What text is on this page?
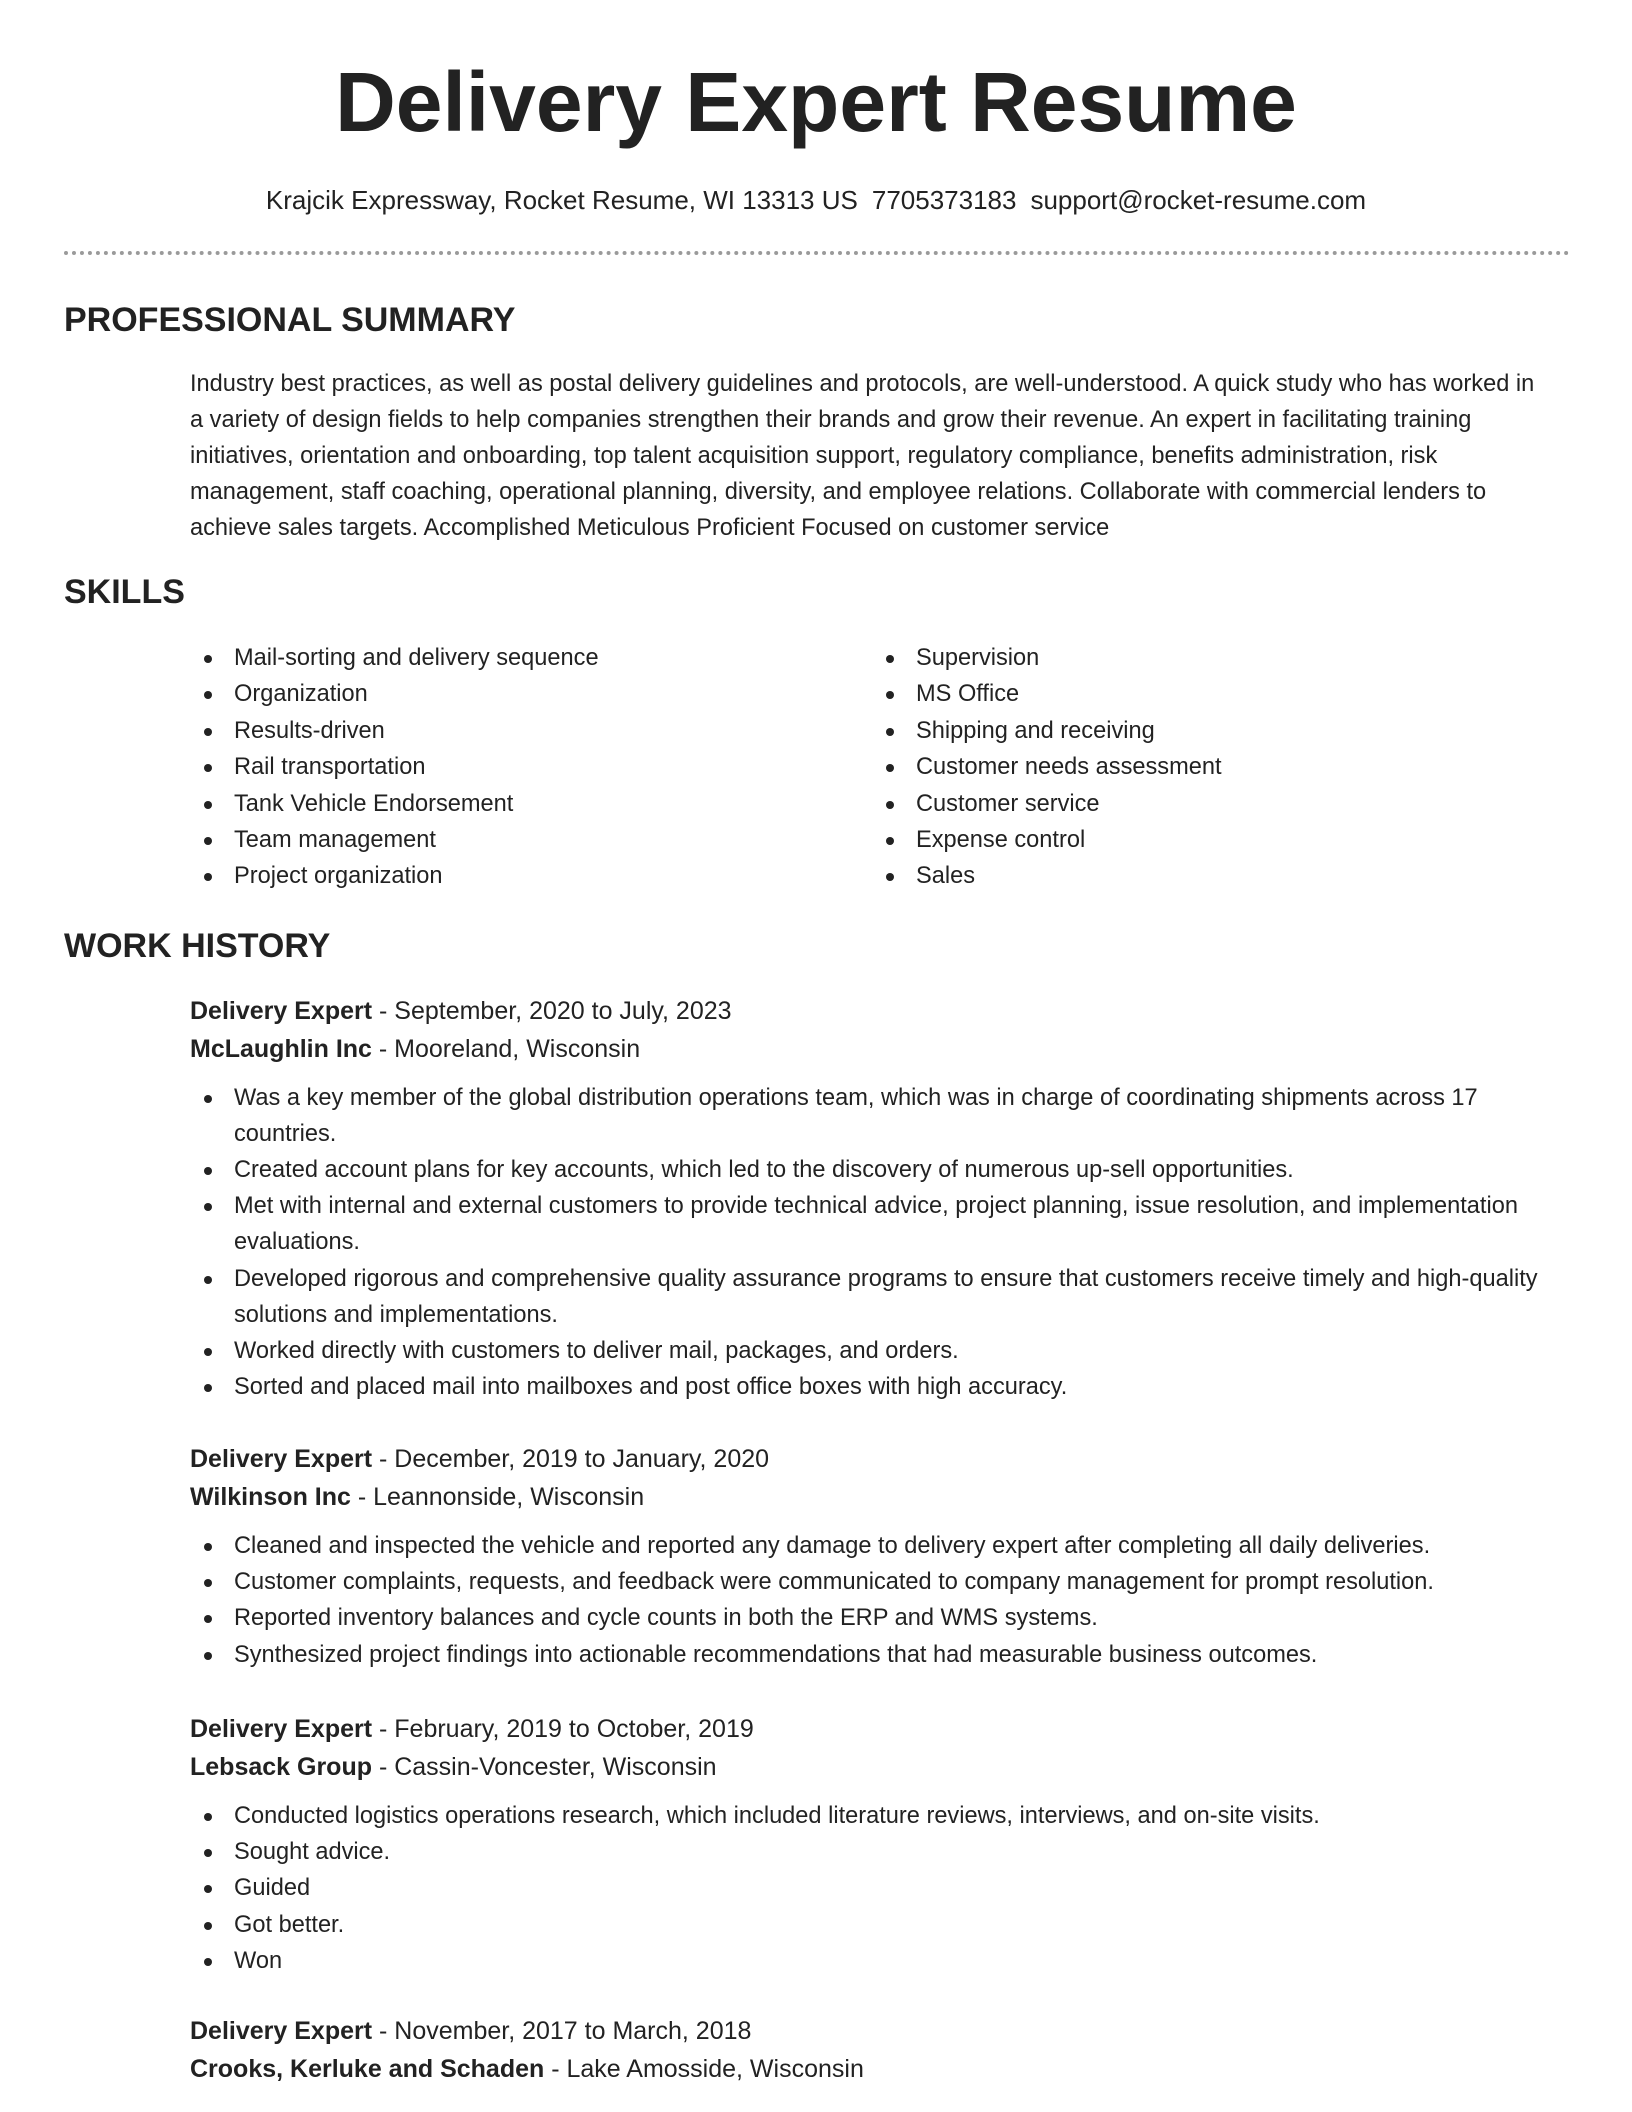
Delivery Expert Resume
Krajcik Expressway, Rocket Resume, WI 13313 US 7705373183 support@rocket-resume.com
PROFESSIONAL SUMMARY

Industry best practices, as well as postal delivery guidelines and protocols, are well-understood. A quick study who has worked in a variety of design fields to help companies strengthen their brands and grow their revenue. An expert in facilitating training initiatives, orientation and onboarding, top talent acquisition support, regulatory compliance, benefits administration, risk management, staff coaching, operational planning, diversity, and employee relations. Collaborate with commercial lenders to achieve sales targets. Accomplished Meticulous Proficient Focused on customer service

SKILLS
Mail-sorting and delivery sequence
Organization
Results-driven
Rail transportation
Tank Vehicle Endorsement
Team management
Project organization
Supervision
MS Office
Shipping and receiving
Customer needs assessment
Customer service
Expense control
Sales
WORK HISTORY
Delivery Expert - September, 2020 to July, 2023
McLaughlin Inc - Mooreland, Wisconsin
Was a key member of the global distribution operations team, which was in charge of coordinating shipments across 17 countries.
Created account plans for key accounts, which led to the discovery of numerous up-sell opportunities.
Met with internal and external customers to provide technical advice, project planning, issue resolution, and implementation evaluations.
Developed rigorous and comprehensive quality assurance programs to ensure that customers receive timely and high-quality solutions and implementations.
Worked directly with customers to deliver mail, packages, and orders.
Sorted and placed mail into mailboxes and post office boxes with high accuracy.
Delivery Expert - December, 2019 to January, 2020
Wilkinson Inc - Leannonside, Wisconsin
Cleaned and inspected the vehicle and reported any damage to delivery expert after completing all daily deliveries.
Customer complaints, requests, and feedback were communicated to company management for prompt resolution.
Reported inventory balances and cycle counts in both the ERP and WMS systems.
Synthesized project findings into actionable recommendations that had measurable business outcomes.
Delivery Expert - February, 2019 to October, 2019
Lebsack Group - Cassin-Voncester, Wisconsin
Conducted logistics operations research, which included literature reviews, interviews, and on-site visits.
Sought advice.
Guided
Got better.
Won
Delivery Expert - November, 2017 to March, 2018
Crooks, Kerluke and Schaden - Lake Amosside, Wisconsin
